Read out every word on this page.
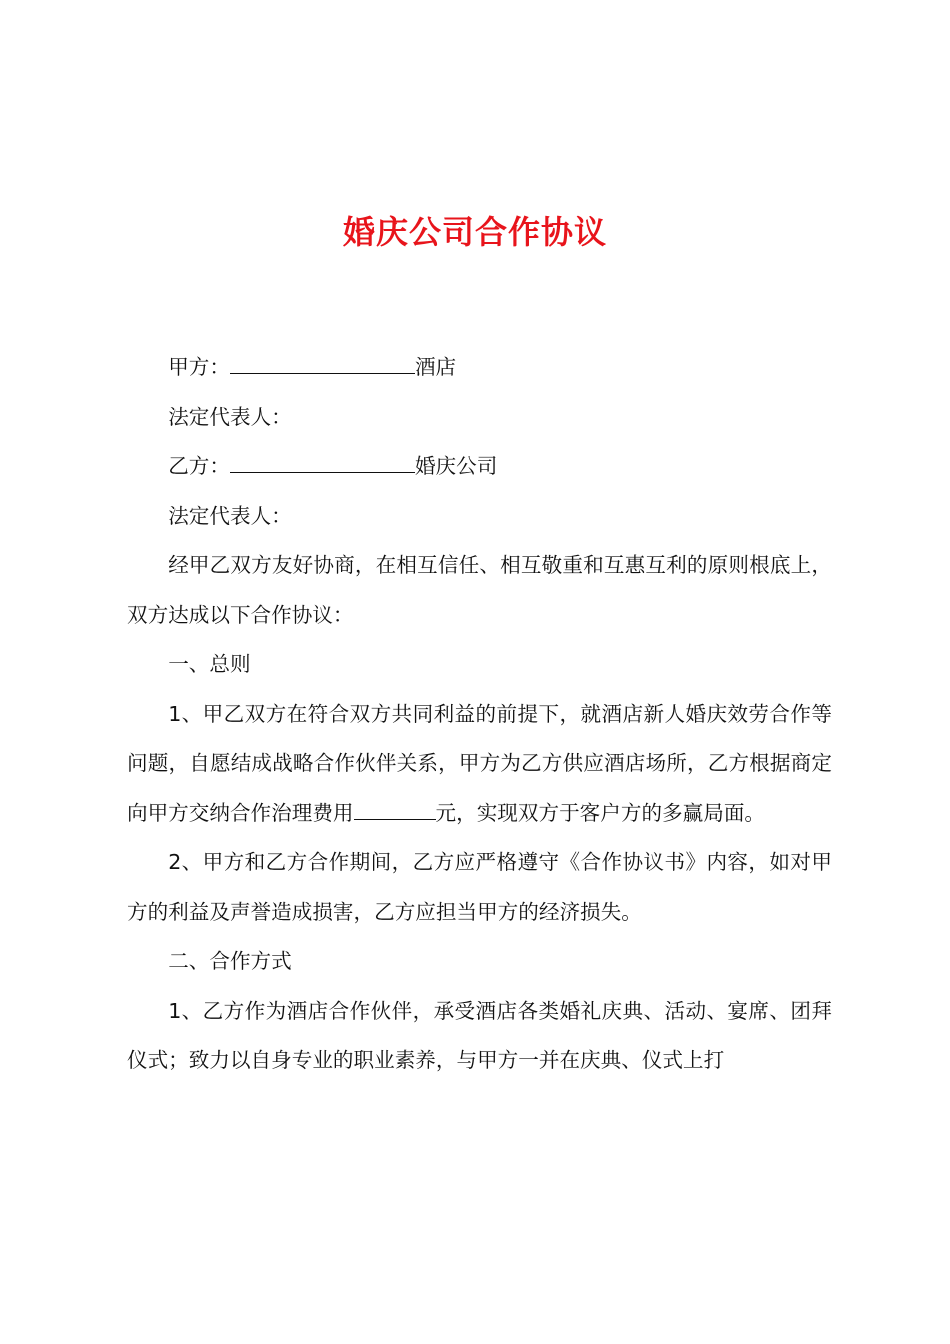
婚庆公司合作协议
甲方：	酒店
法定代表人：
乙方：	婚庆公司
法定代表人：

经甲乙双方友好协商，在相互信任、相互敬重和互惠互利的原则根底上，双方达成以下合作协议：

一、总则

1、甲乙双方在符合双方共同利益的前提下，就酒店新人婚庆效劳合作等问题，自愿结成战略合作伙伴关系，甲方为乙方供应酒店场所，乙方根据商定向甲方交纳合作治理费用	元，实现双方于客户方的多赢局面。

2、甲方和乙方合作期间，乙方应严格遵守《合作协议书》内容，如对甲方的利益及声誉造成损害，乙方应担当甲方的经济损失。

二、合作方式

1、乙方作为酒店合作伙伴，承受酒店各类婚礼庆典、活动、宴席、团拜仪式；致力以自身专业的职业素养，与甲方一并在庆典、仪式上打
